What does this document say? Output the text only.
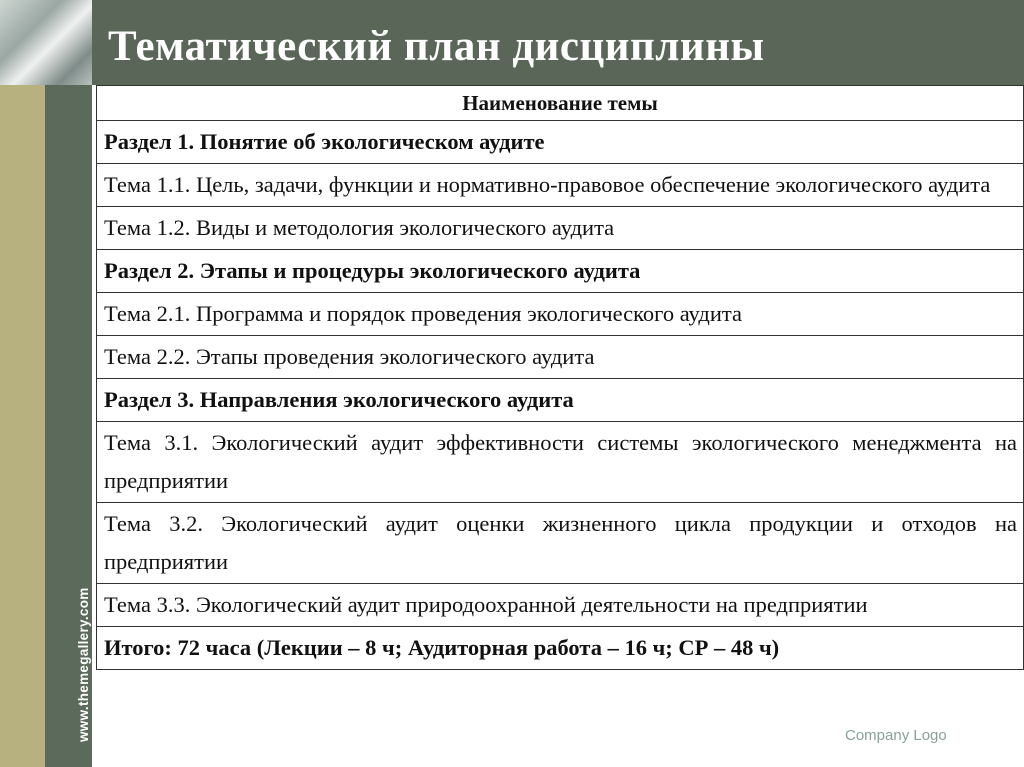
Тематический план дисциплины
www.themegallery.com
Наименование темы
Раздел 1. Понятие об экологическом аудите
Тема 1.1. Цель, задачи, функции и нормативно-правовое обеспечение экологического аудита
Тема 1.2. Виды и методология экологического аудита
Раздел 2. Этапы и процедуры экологического аудита
Тема 2.1. Программа и порядок проведения экологического аудита
Тема 2.2. Этапы проведения экологического аудита
Раздел 3. Направления экологического аудита
Тема 3.1. Экологический аудит эффективности системы экологического менеджмента на предприятии
Тема 3.2. Экологический аудит оценки жизненного цикла продукции и отходов на предприятии
Тема 3.3. Экологический аудит природоохранной деятельности на предприятии
Итого: 72 часа (Лекции – 8 ч; Аудиторная работа – 16 ч; СР – 48 ч)
Company Logo
